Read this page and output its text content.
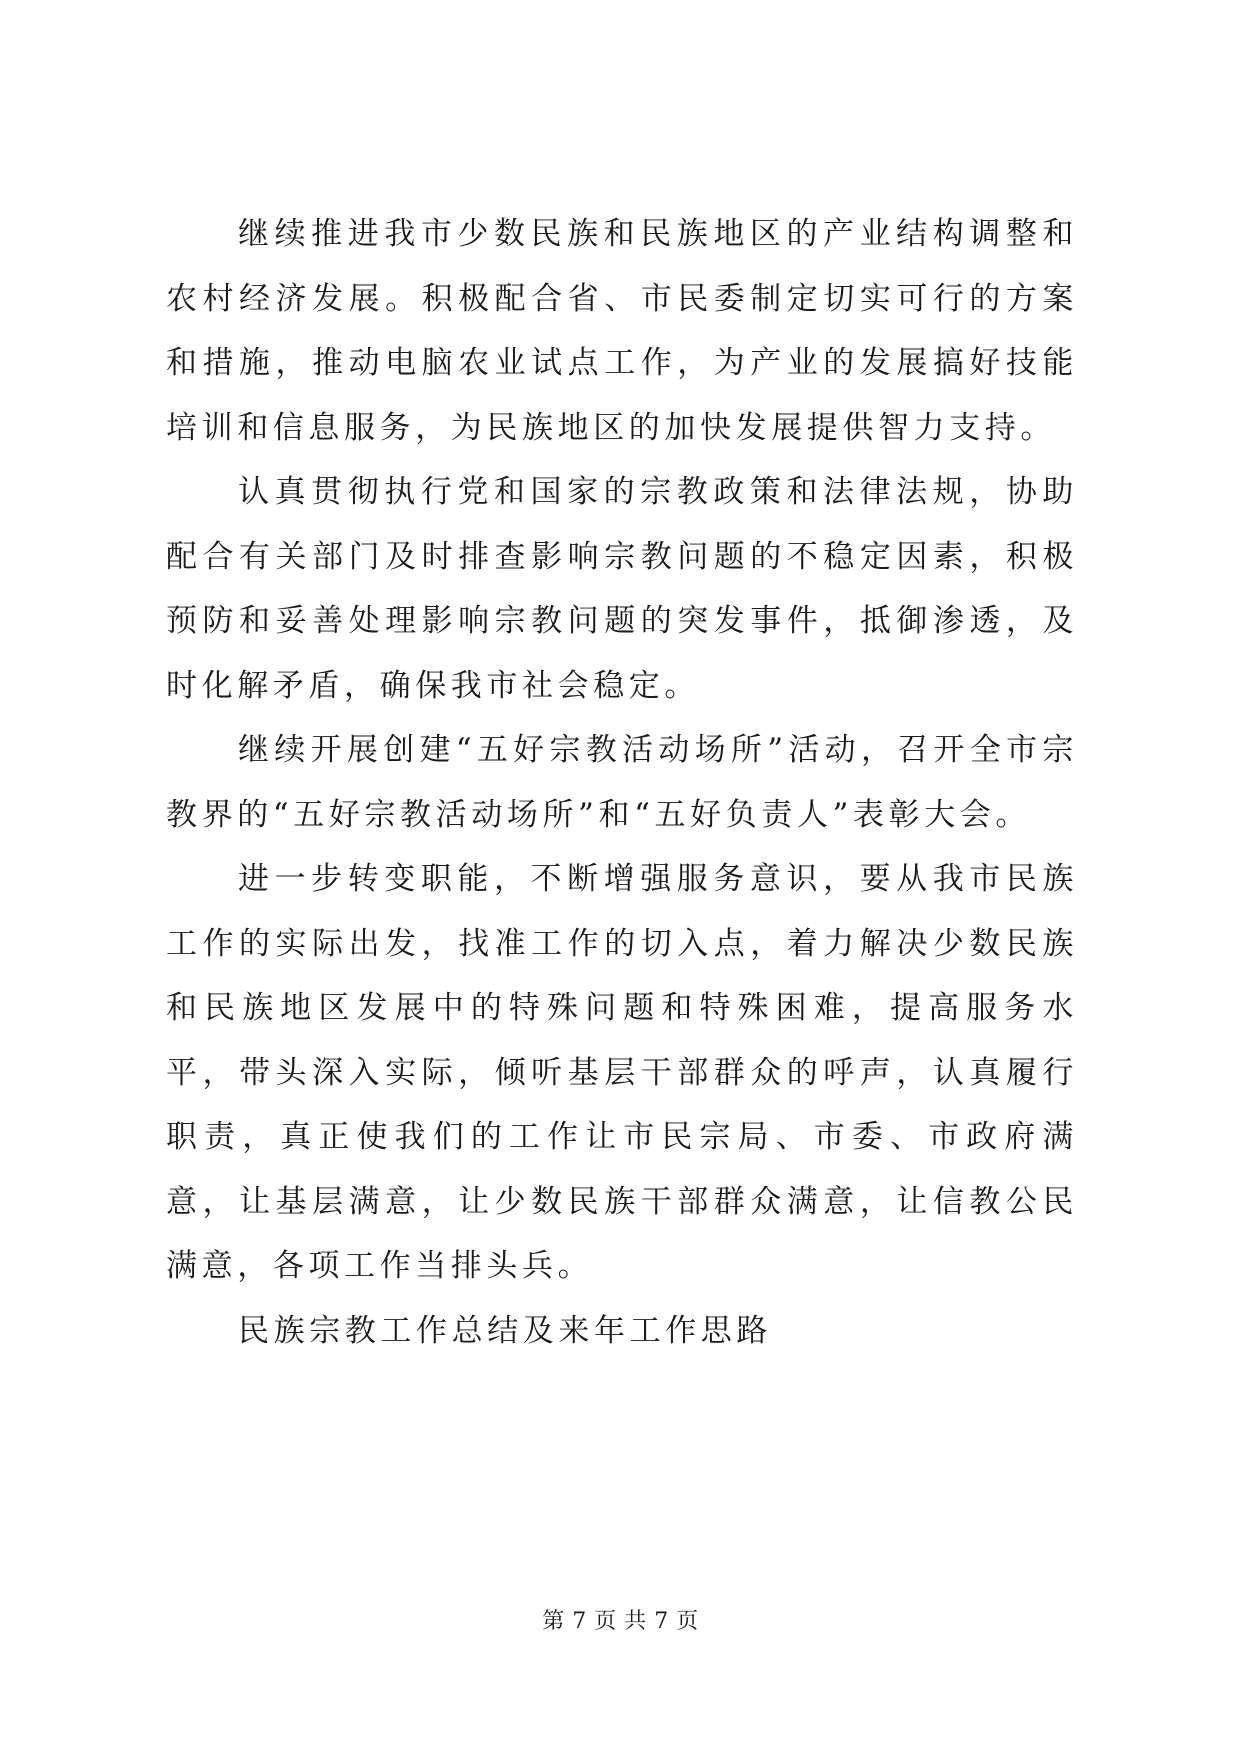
继续推进我市少数民族和民族地区的产业结构调整和农村经济发展。积极配合省、市民委制定切实可行的方案和措施，推动电脑农业试点工作，为产业的发展搞好技能培训和信息服务，为民族地区的加快发展提供智力支持。

认真贯彻执行党和国家的宗教政策和法律法规，协助配合有关部门及时排查影响宗教问题的不稳定因素，积极预防和妥善处理影响宗教问题的突发事件，抵御渗透，及时化解矛盾，确保我市社会稳定。

继续开展创建“五好宗教活动场所”活动，召开全市宗教界的“五好宗教活动场所”和“五好负责人”表彰大会。

进一步转变职能，不断增强服务意识，要从我市民族工作的实际出发，找准工作的切入点，着力解决少数民族和民族地区发展中的特殊问题和特殊困难，提高服务水平，带头深入实际，倾听基层干部群众的呼声，认真履行职责，真正使我们的工作让市民宗局、市委、市政府满意，让基层满意，让少数民族干部群众满意，让信教公民满意，各项工作当排头兵。

民族宗教工作总结及来年工作思路

第 7 页 共 7 页
